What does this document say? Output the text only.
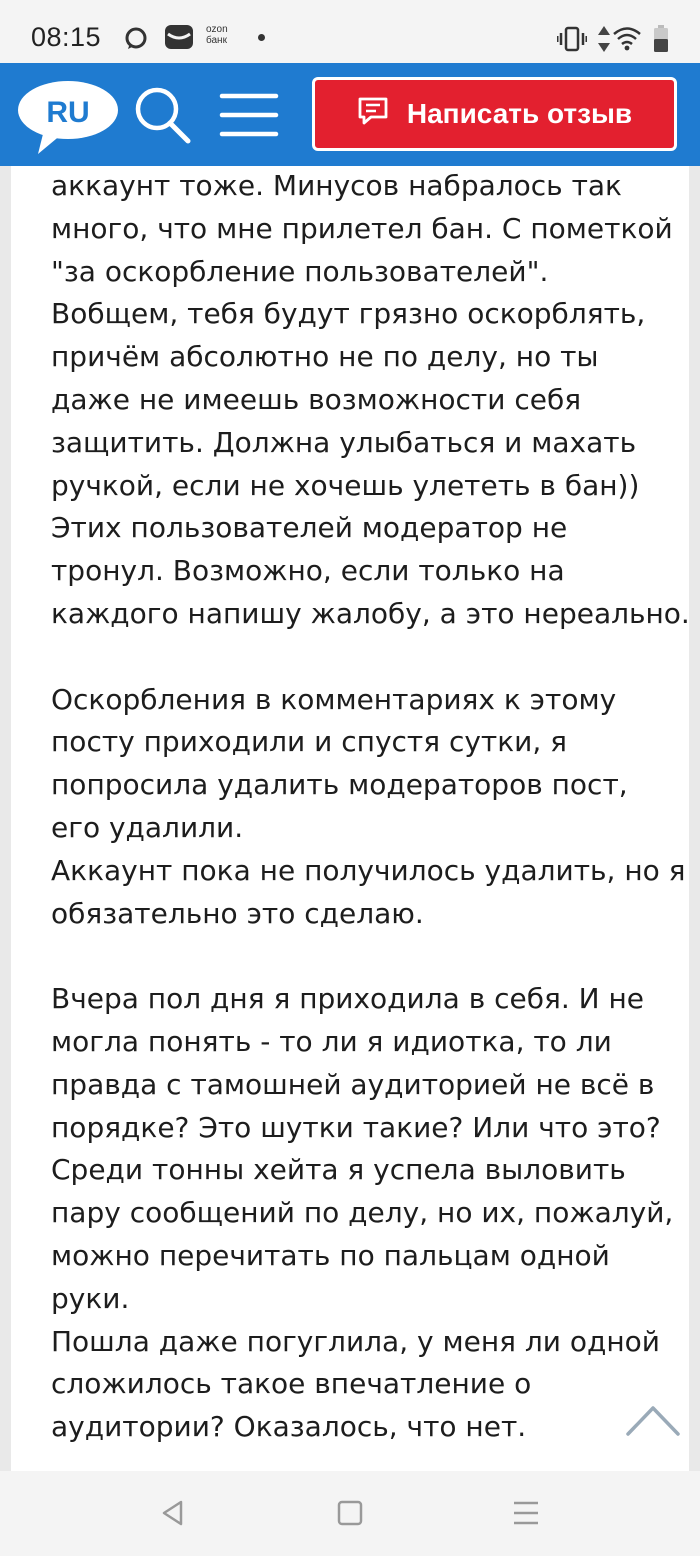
08:15	ozon
банк
RU	Написать отзыв
аккаунт тоже. Минусов набралось так
много, что мне прилетел бан. С пометкой
"за оскорбление пользователей".
Вобщем, тебя будут грязно оскорблять,
причём абсолютно не по делу, но ты
даже не имеешь возможности себя
защитить. Должна улыбаться и махать
ручкой, если не хочешь улететь в бан))
Этих пользователей модератор не
тронул. Возможно, если только на
каждого напишу жалобу, а это нереально.
Оскорбления в комментариях к этому
посту приходили и спустя сутки, я
попросила удалить модераторов пост,
его удалили.
Аккаунт пока не получилось удалить, но я
обязательно это сделаю.
Вчера пол дня я приходила в себя. И не
могла понять - то ли я идиотка, то ли
правда с тамошней аудиторией не всё в
порядке? Это шутки такие? Или что это?
Среди тонны хейта я успела выловить
пару сообщений по делу, но их, пожалуй,
можно перечитать по пальцам одной
руки.
Пошла даже погуглила, у меня ли одной
сложилось такое впечатление о
аудитории? Оказалось, что нет.
